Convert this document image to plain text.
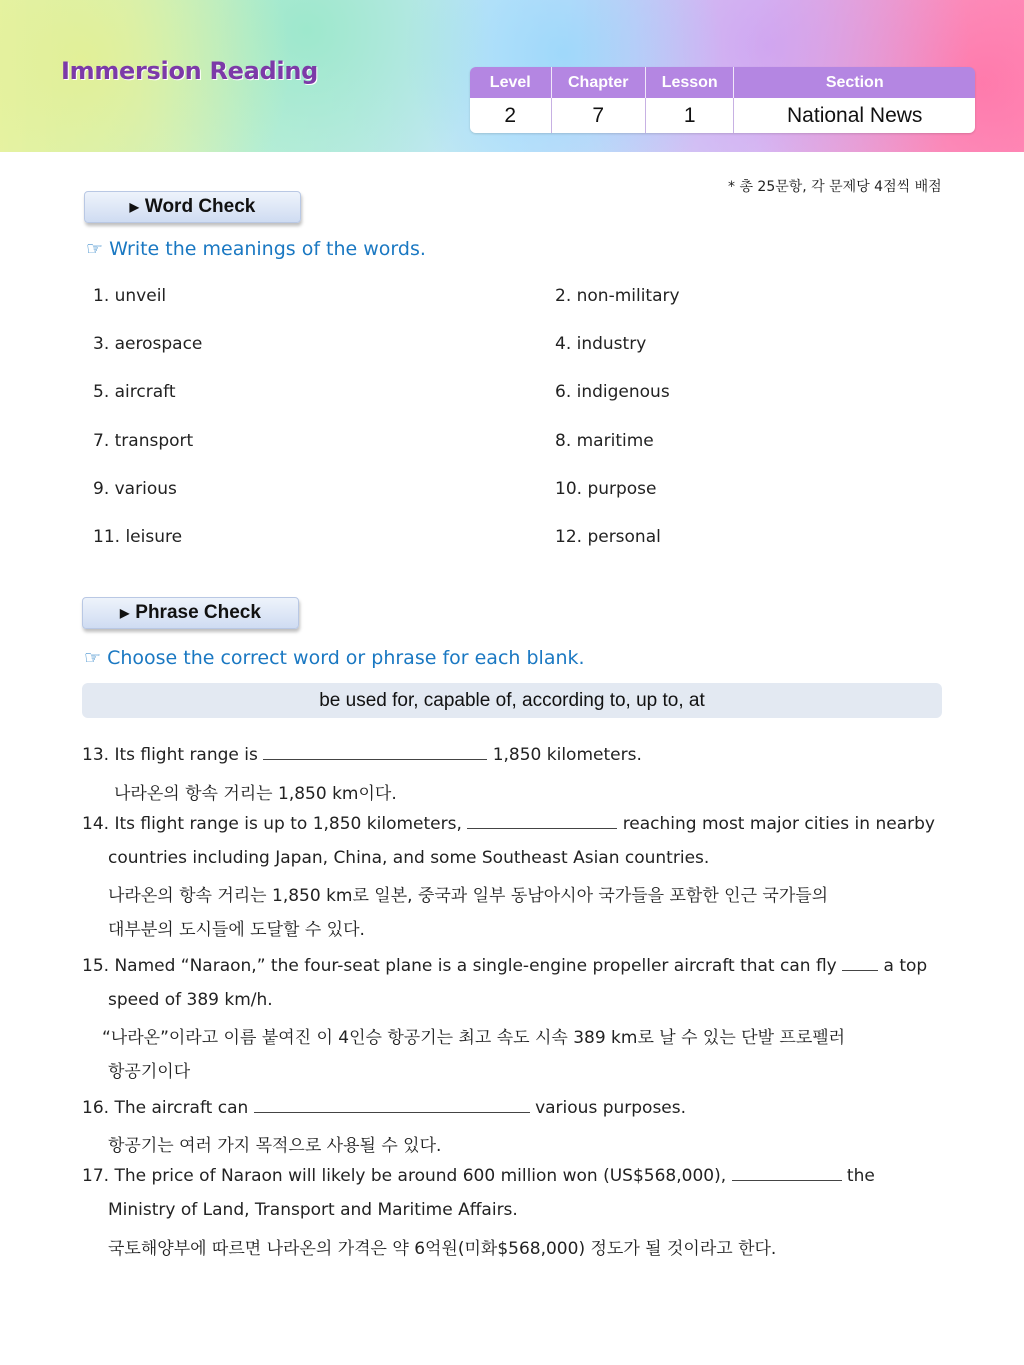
Immersion Reading	Level	Chapter	Lesson	Section
2	7	1	National News
* 총 25문항, 각 문제당 4점씩 배점
▶ Word Check
☞ Write the meanings of the words.
1. unveil	2. non-military
3. aerospace	4. industry
5. aircraft	6. indigenous
7. transport	8. maritime
9. various	10. purpose
11. leisure	12. personal
▶ Phrase Check
☞ Choose the correct word or phrase for each blank.
be used for, capable of, according to, up to, at
13. Its flight range is	1,850 kilometers.
나라온의 항속 거리는 1,850 km이다.
14. Its flight range is up to 1,850 kilometers,	reaching most major cities in nearby
countries including Japan, China, and some Southeast Asian countries.
나라온의 항속 거리는 1,850 km로 일본, 중국과 일부 동남아시아 국가들을 포함한 인근 국가들의
대부분의 도시들에 도달할 수 있다.
15. Named “Naraon,” the four-seat plane is a single-engine propeller aircraft that can fly	a top
speed of 389 km/h.
“나라온”이라고 이름 붙여진 이 4인승 항공기는 최고 속도 시속 389 km로 날 수 있는 단발 프로펠러
항공기이다
16. The aircraft can	various purposes.
항공기는 여러 가지 목적으로 사용될 수 있다.
17. The price of Naraon will likely be around 600 million won (US$568,000),	the
Ministry of Land, Transport and Maritime Affairs.
국토해양부에 따르면 나라온의 가격은 약 6억원(미화$568,000) 정도가 될 것이라고 한다.
